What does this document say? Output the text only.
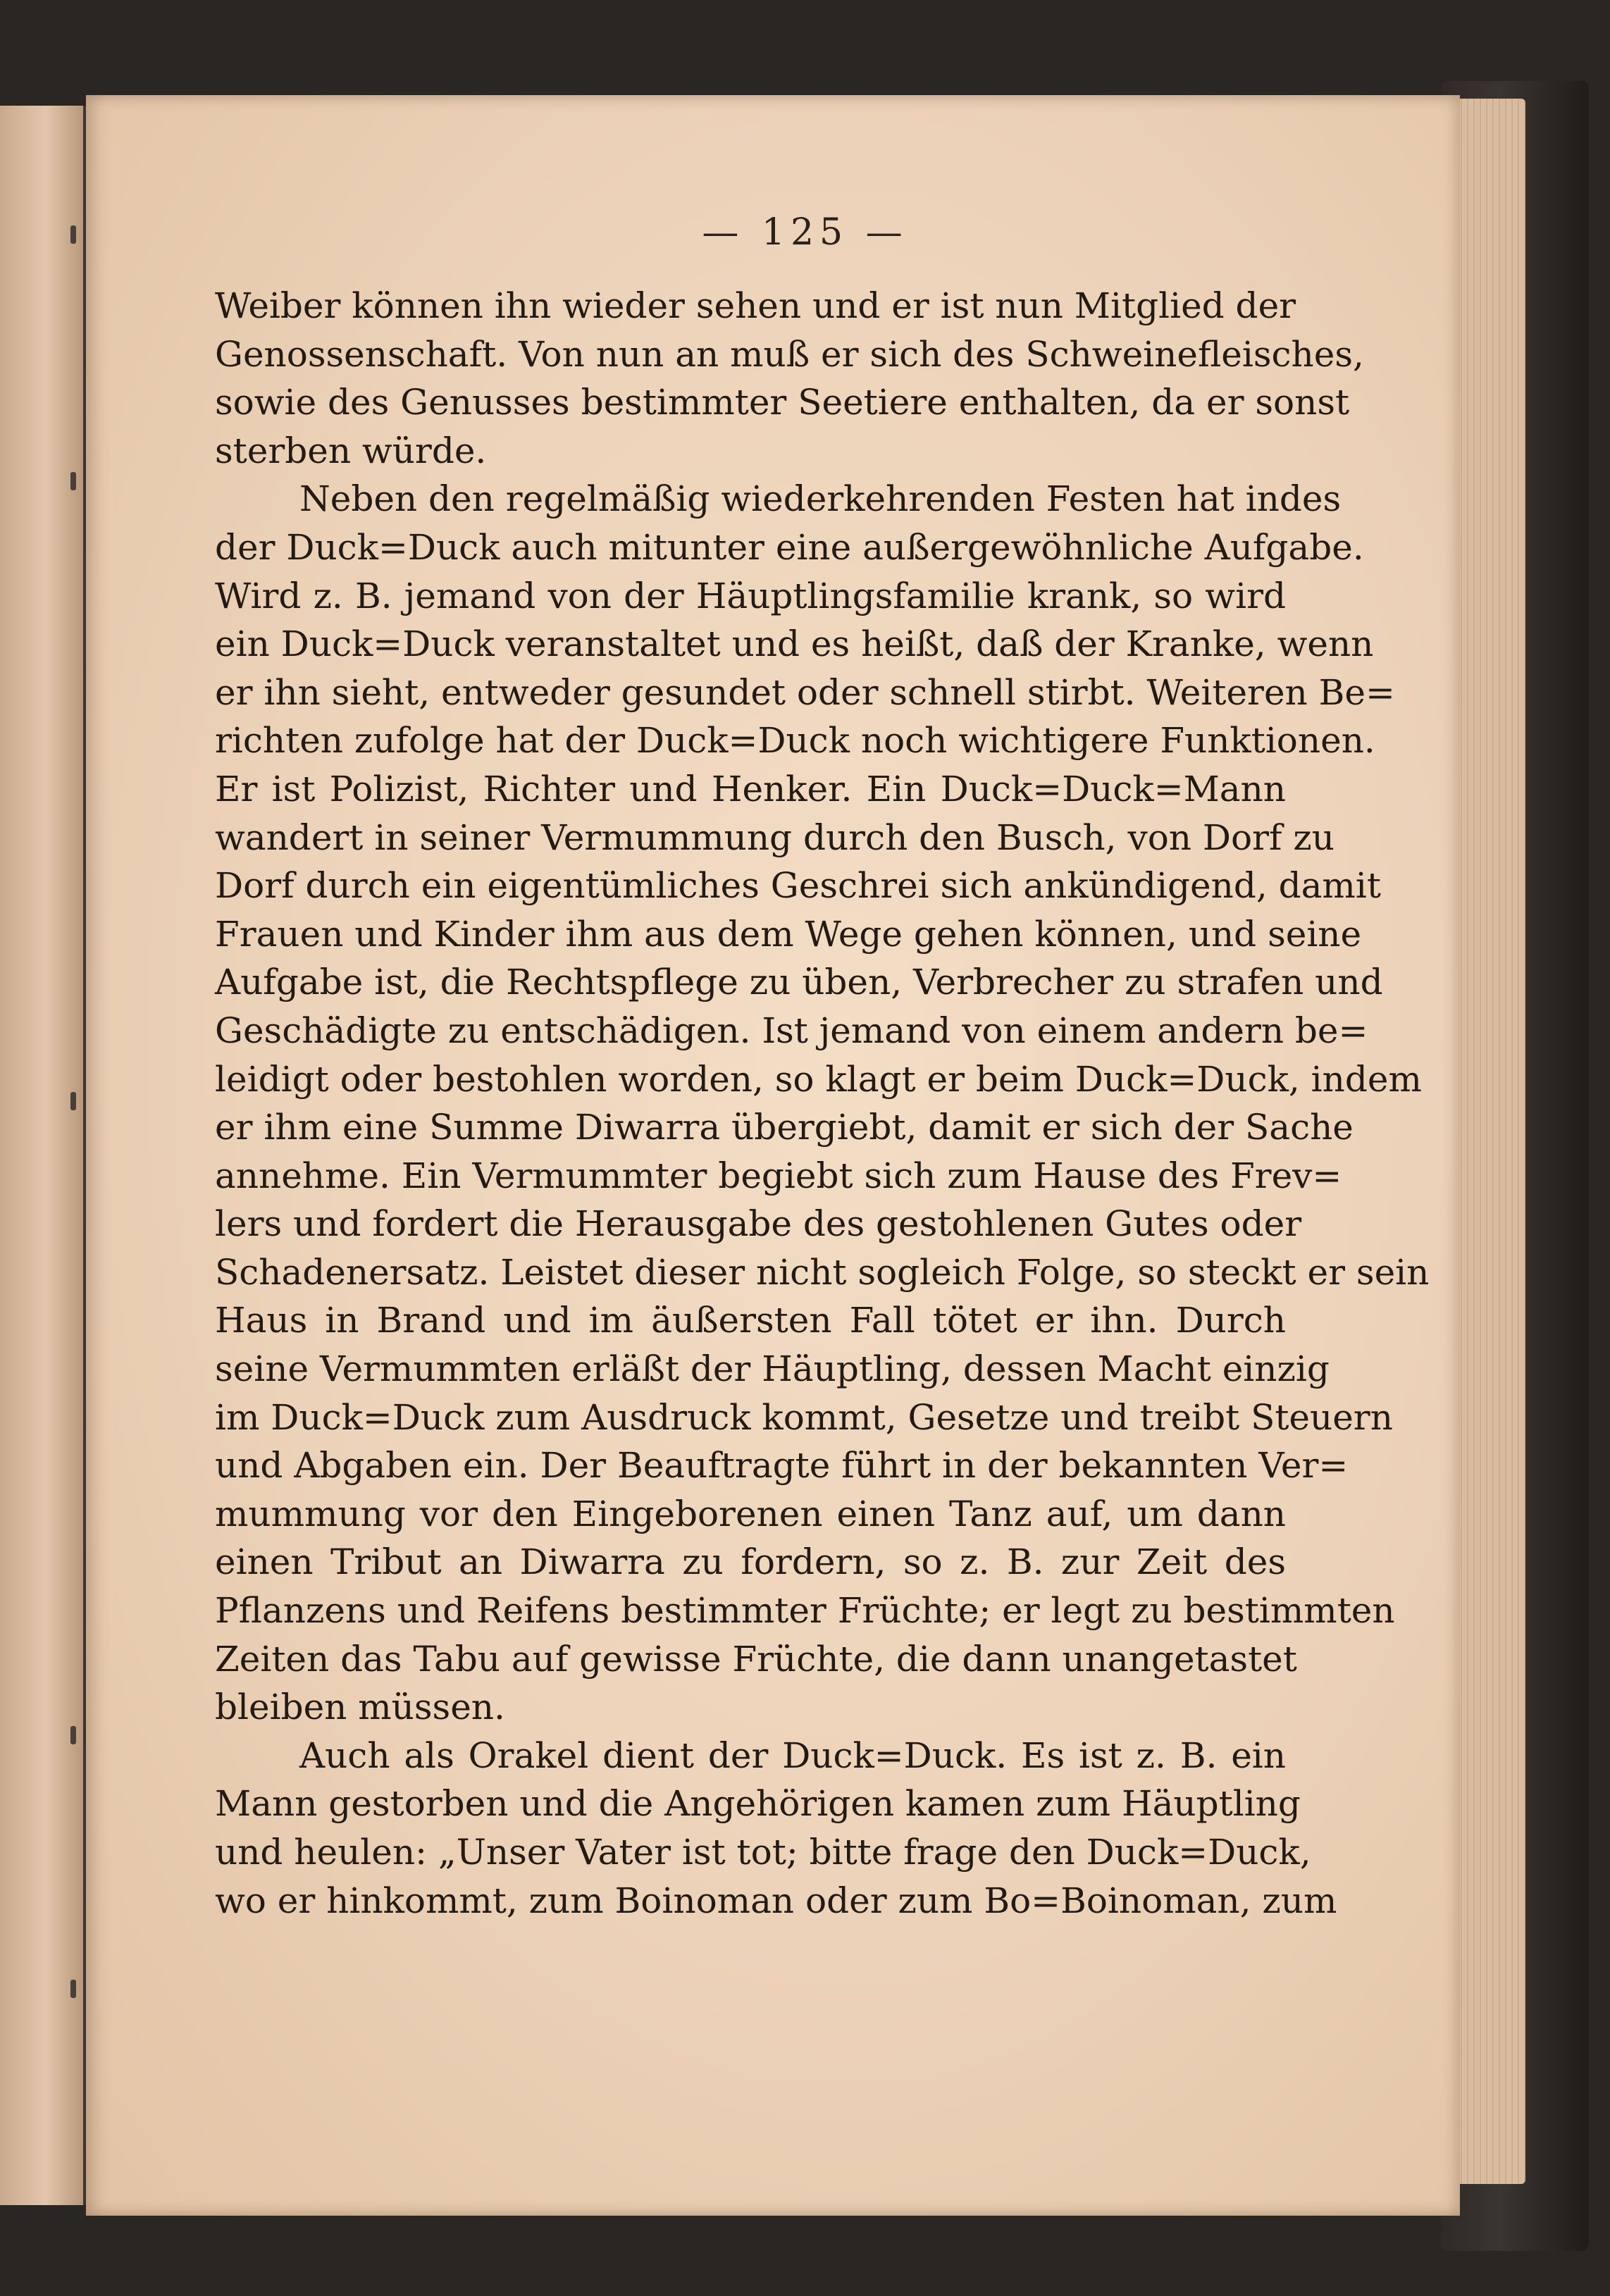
— 125 —
Weiber können ihn wieder sehen und er ist nun Mitglied der
Genossenschaft. Von nun an muß er sich des Schweinefleisches,
sowie des Genusses bestimmter Seetiere enthalten, da er sonst
sterben würde.
Neben den regelmäßig wiederkehrenden Festen hat indes
der Duck=Duck auch mitunter eine außergewöhnliche Aufgabe.
Wird z. B. jemand von der Häuptlingsfamilie krank, so wird
ein Duck=Duck veranstaltet und es heißt, daß der Kranke, wenn
er ihn sieht, entweder gesundet oder schnell stirbt. Weiteren Be=
richten zufolge hat der Duck=Duck noch wichtigere Funktionen.
Er ist Polizist, Richter und Henker. Ein Duck=Duck=Mann
wandert in seiner Vermummung durch den Busch, von Dorf zu
Dorf durch ein eigentümliches Geschrei sich ankündigend, damit
Frauen und Kinder ihm aus dem Wege gehen können, und seine
Aufgabe ist, die Rechtspflege zu üben, Verbrecher zu strafen und
Geschädigte zu entschädigen. Ist jemand von einem andern be=
leidigt oder bestohlen worden, so klagt er beim Duck=Duck, indem
er ihm eine Summe Diwarra übergiebt, damit er sich der Sache
annehme. Ein Vermummter begiebt sich zum Hause des Frev=
lers und fordert die Herausgabe des gestohlenen Gutes oder
Schadenersatz. Leistet dieser nicht sogleich Folge, so steckt er sein
Haus in Brand und im äußersten Fall tötet er ihn. Durch
seine Vermummten erläßt der Häuptling, dessen Macht einzig
im Duck=Duck zum Ausdruck kommt, Gesetze und treibt Steuern
und Abgaben ein. Der Beauftragte führt in der bekannten Ver=
mummung vor den Eingeborenen einen Tanz auf, um dann
einen Tribut an Diwarra zu fordern, so z. B. zur Zeit des
Pflanzens und Reifens bestimmter Früchte; er legt zu bestimmten
Zeiten das Tabu auf gewisse Früchte, die dann unangetastet
bleiben müssen.
Auch als Orakel dient der Duck=Duck. Es ist z. B. ein
Mann gestorben und die Angehörigen kamen zum Häuptling
und heulen: „Unser Vater ist tot; bitte frage den Duck=Duck,
wo er hinkommt, zum Boinoman oder zum Bo=Boinoman, zum
